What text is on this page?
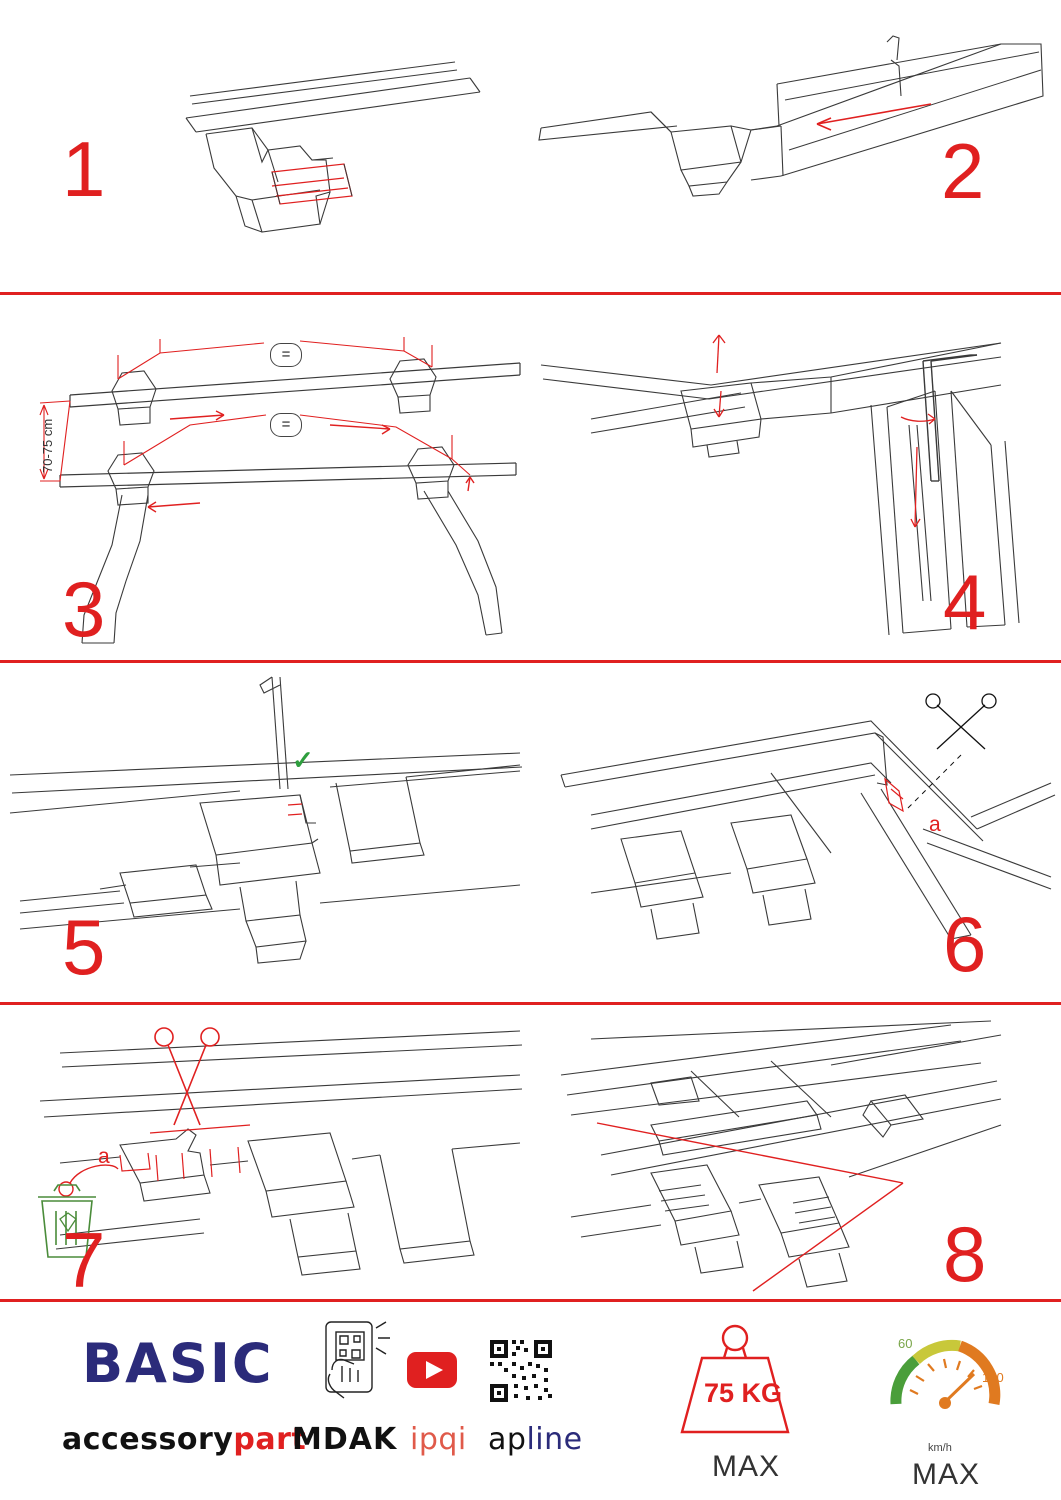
1	2
=
=
70-75 cm
3	4
✓
5
a
6
a
7	8
BASIC
accessorypart
MDAK ipqi apline
75 KG
MAX
60
120
km/h
MAX
